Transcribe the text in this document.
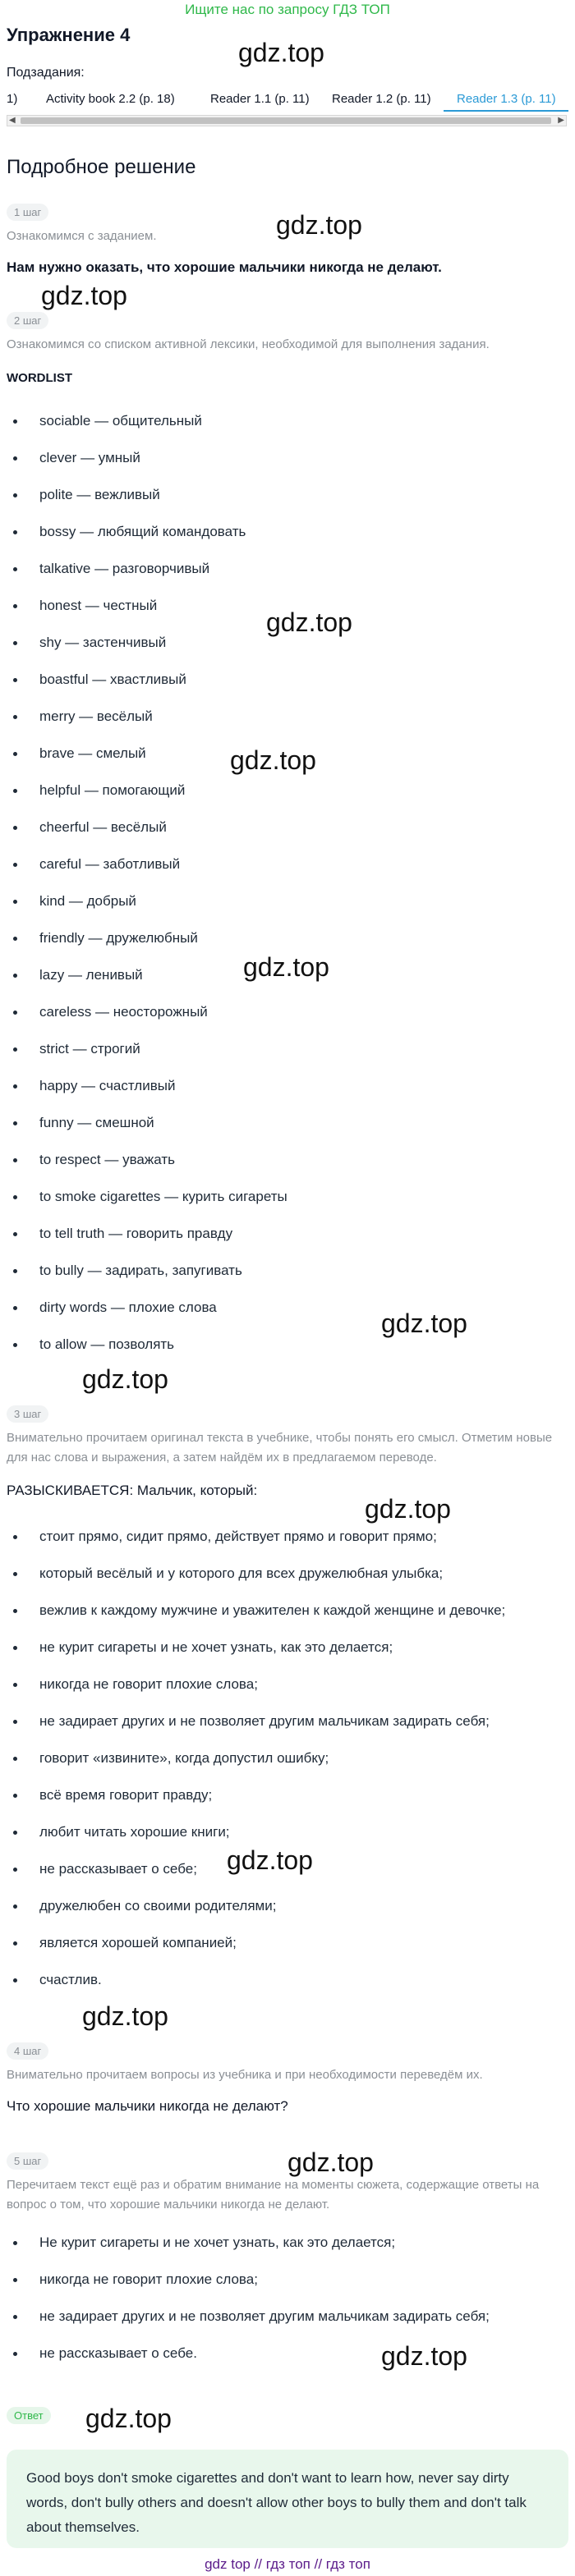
Ищите нас по запросу ГДЗ ТОП
Упражнение 4
Подзадания:
1) Activity book 2.2 (p. 18)	Reader 1.1 (p. 11) Reader 1.2 (p. 11) Reader 1.3 (p. 11)
◀	▶
Подробное решение
1 шаг
Ознакомимся с заданием.
Нам нужно оказать, что хорошие мальчики никогда не делают.
2 шаг
Ознакомимся со списком активной лексики, необходимой для выполнения задания.
WORDLIST
sociable — общительный
clever — умный
polite — вежливый
bossy — любящий командовать
talkative — разговорчивый
honest — честный
shy — застенчивый
boastful — хвастливый
merry — весёлый
brave — смелый
helpful — помогающий
cheerful — весёлый
careful — заботливый
kind — добрый
friendly — дружелюбный
lazy — ленивый
careless — неосторожный
strict — строгий
happy — счастливый
funny — смешной
to respect — уважать
to smoke cigarettes — курить сигареты
to tell truth — говорить правду
to bully — задирать, запугивать
dirty words — плохие слова
to allow — позволять
3 шаг
Внимательно прочитаем оригинал текста в учебнике, чтобы понять его смысл. Отметим новые для нас слова и выражения, а затем найдём их в предлагаемом переводе.
РАЗЫСКИВАЕТСЯ: Мальчик, который:
стоит прямо, сидит прямо, действует прямо и говорит прямо;
который весёлый и у которого для всех дружелюбная улыбка;
вежлив к каждому мужчине и уважителен к каждой женщине и девочке;
не курит сигареты и не хочет узнать, как это делается;
никогда не говорит плохие слова;
не задирает других и не позволяет другим мальчикам задирать себя;
говорит «извините», когда допустил ошибку;
всё время говорит правду;
любит читать хорошие книги;
не рассказывает о себе;
дружелюбен со своими родителями;
является хорошей компанией;
счастлив.
4 шаг
Внимательно прочитаем вопросы из учебника и при необходимости переведём их.
Что хорошие мальчики никогда не делают?
5 шаг
Перечитаем текст ещё раз и обратим внимание на моменты сюжета, содержащие ответы на вопрос о том, что хорошие мальчики никогда не делают.
Не курит сигареты и не хочет узнать, как это делается;
никогда не говорит плохие слова;
не задирает других и не позволяет другим мальчикам задирать себя;
не рассказывает о себе.
Ответ
Good boys don't smoke cigarettes and don't want to learn how, never say dirty words, don't bully others and doesn't allow other boys to bully them and don't talk about themselves.
gdz top // гдз топ // гдз топ
gdz.top
gdz.top
gdz.top
gdz.top
gdz.top
gdz.top
gdz.top
gdz.top
gdz.top
gdz.top
gdz.top
gdz.top
gdz.top
gdz.top
